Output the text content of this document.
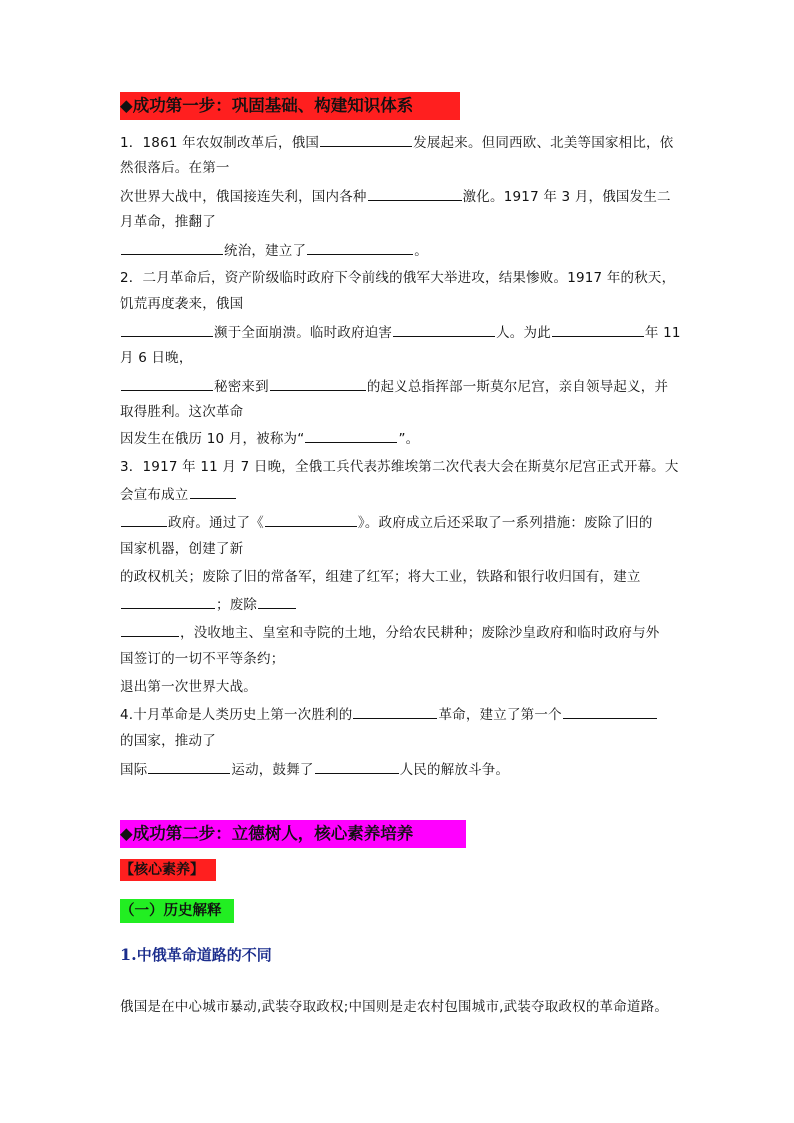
◆成功第一步：巩固基础、构建知识体系
1．1861 年农奴制改革后，俄国	发展起来。但同西欧、北美等国家相比，依
然很落后。在第一
次世界大战中，俄国接连失利，国内各种	激化。1917 年 3 月，俄国发生二
月革命，推翻了
统治，建立了	。
2．二月革命后，资产阶级临时政府下令前线的俄军大举进攻，结果惨败。1917 年的秋天，
饥荒再度袭来，俄国
濒于全面崩溃。临时政府迫害	人。为此	年 11
月 6 日晚，
秘密来到	的起义总指挥部一斯莫尔尼宫，亲自领导起义，并
取得胜利。这次革命
因发生在俄历 10 月，被称为“	”。
3．1917 年 11 月 7 日晚，全俄工兵代表苏维埃第二次代表大会在斯莫尔尼宫正式开幕。大
会宣布成立
政府。通过了《	》。政府成立后还采取了一系列措施：废除了旧的
国家机器，创建了新
的政权机关；废除了旧的常备军，组建了红军；将大工业，铁路和银行收归国有，建立
；废除
，没收地主、皇室和寺院的土地，分给农民耕种；废除沙皇政府和临时政府与外
国签订的一切不平等条约；
退出第一次世界大战。
4.十月革命是人类历史上第一次胜利的	革命，建立了第一个
的国家，推动了
国际	运动，鼓舞了	人民的解放斗争。
◆成功第二步：立德树人，核心素养培养
【核心素养】
（一）历史解释
1.中俄革命道路的不同
俄国是在中心城市暴动,武装夺取政权;中国则是走农村包围城市,武装夺取政权的革命道路。
